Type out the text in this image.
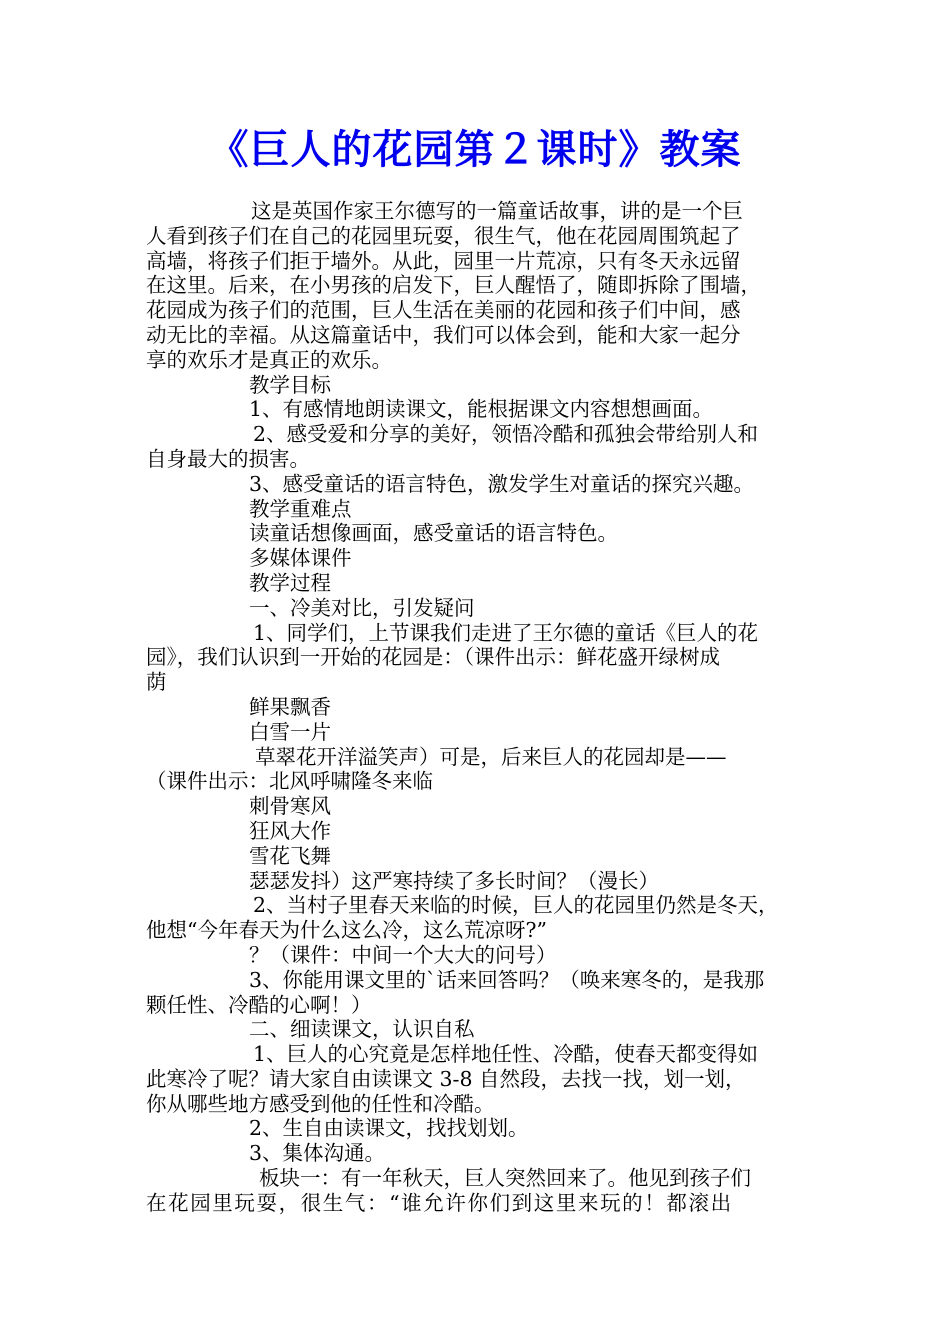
《巨人的花园第２课时》教案
这是英国作家王尔德写的一篇童话故事，讲的是一个巨
人看到孩子们在自己的花园里玩耍，很生气，他在花园周围筑起了
高墙，将孩子们拒于墙外。从此，园里一片荒凉，只有冬天永远留
在这里。后来，在小男孩的启发下，巨人醒悟了，随即拆除了围墙，
花园成为孩子们的范围，巨人生活在美丽的花园和孩子们中间，感
动无比的幸福。从这篇童话中，我们可以体会到，能和大家一起分
享的欢乐才是真正的欢乐。
教学目标
1、有感情地朗读课文，能根据课文内容想想画面。
2、感受爱和分享的美好，领悟冷酷和孤独会带给别人和
自身最大的损害。
3、感受童话的语言特色，激发学生对童话的探究兴趣。
教学重难点
读童话想像画面，感受童话的语言特色。
多媒体课件
教学过程
一、冷美对比，引发疑问
1、同学们，上节课我们走进了王尔德的童话《巨人的花
园》，我们认识到一开始的花园是：（课件出示：鲜花盛开绿树成
荫
鲜果飘香
白雪一片
草翠花开洋溢笑声）可是，后来巨人的花园却是——
（课件出示：北风呼啸隆冬来临
刺骨寒风
狂风大作
雪花飞舞
瑟瑟发抖）这严寒持续了多长时间？（漫长）
2、当村子里春天来临的时候，巨人的花园里仍然是冬天，
他想“今年春天为什么这么冷，这么荒凉呀?”
？（课件：中间一个大大的问号）
3、你能用课文里的`话来回答吗？（唤来寒冬的，是我那
颗任性、冷酷的心啊！）
二、细读课文，认识自私
1、巨人的心究竟是怎样地任性、冷酷，使春天都变得如
此寒冷了呢？请大家自由读课文 3-8 自然段，去找一找，划一划，
你从哪些地方感受到他的任性和冷酷。
2、生自由读课文，找找划划。
3、集体沟通。
板块一：有一年秋天，巨人突然回来了。他见到孩子们
在花园里玩耍，很生气：“谁允许你们到这里来玩的！都滚出
